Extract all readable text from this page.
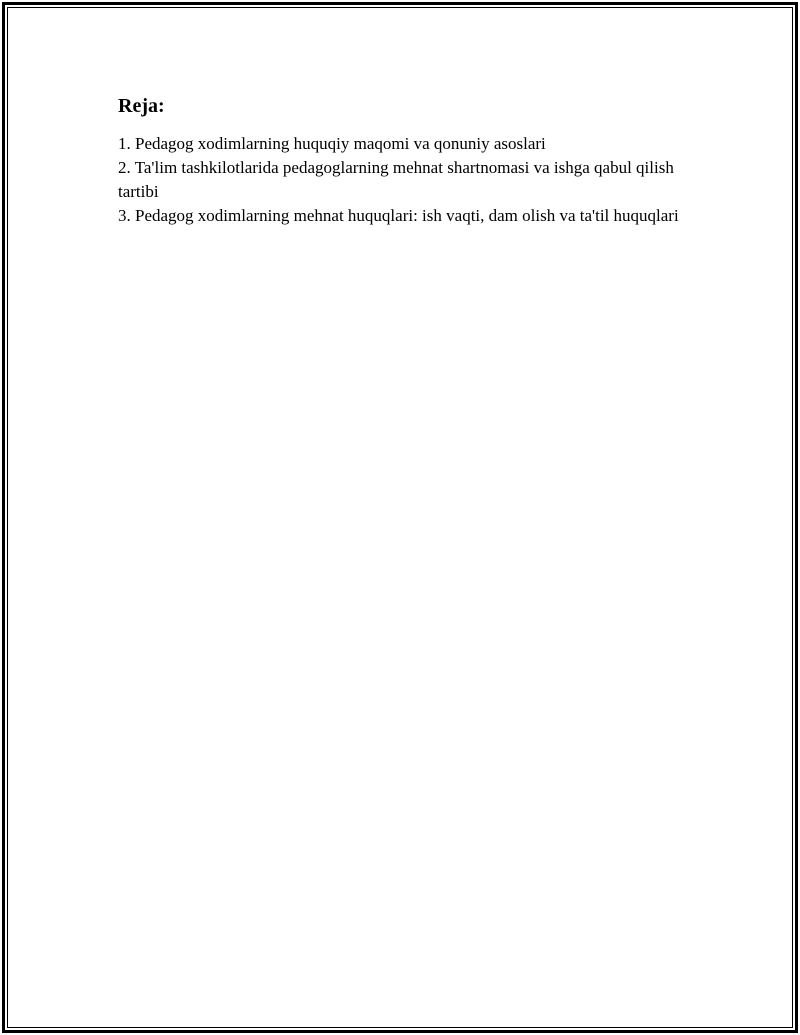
Reja:
1. Pedagog xodimlarning huquqiy maqomi va qonuniy asoslari
2. Ta'lim tashkilotlarida pedagoglarning mehnat shartnomasi va ishga qabul qilish tartibi
3. Pedagog xodimlarning mehnat huquqlari: ish vaqti, dam olish va ta'til huquqlari
